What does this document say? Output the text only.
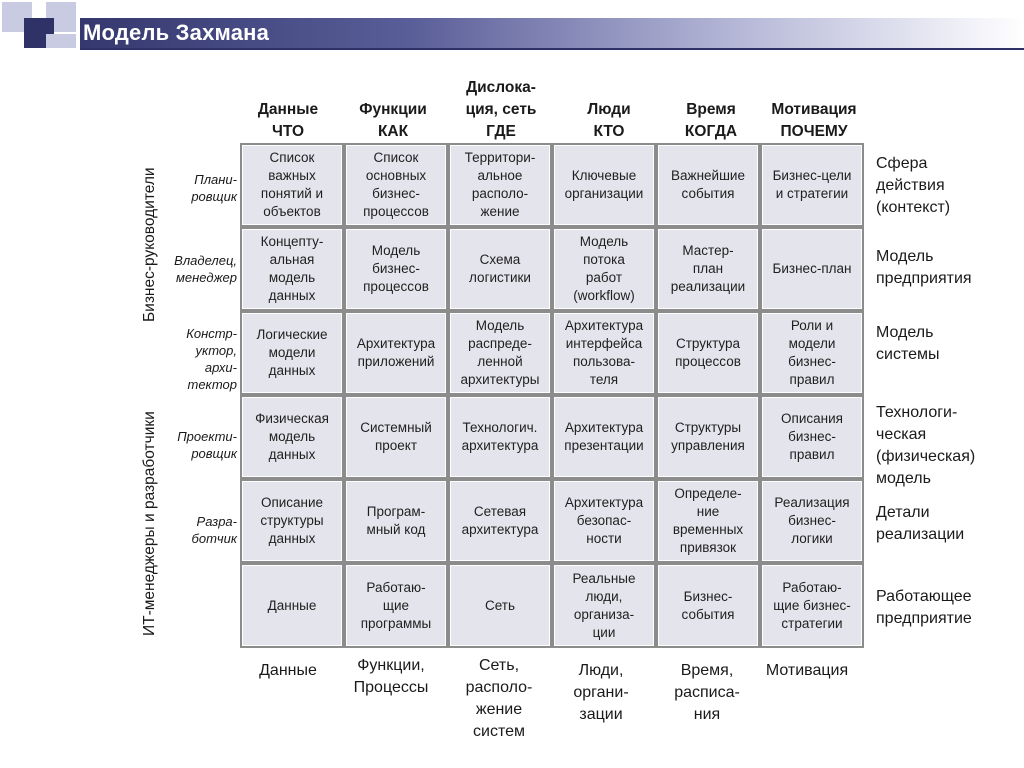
Модель Захмана
Данные
ЧТО
Функции
КАК
Дислока-
ция, сеть
ГДЕ
Люди
КТО
Время
КОГДА
Мотивация
ПОЧЕМУ
Бизнес-руководители
ИТ-менеджеры и разработчики
Плани-
ровщик
Владелец,
менеджер
Констр-
уктор,
архи-
тектор
Проекти-
ровщик
Разра-
ботчик
Список
важных
понятий и
объектов
Список
основных
бизнес-
процессов
Территори-
альное
располо-
жение
Ключевые
организации
Важнейшие
события
Бизнес-цели
и стратегии
Концепту-
альная
модель
данных
Модель
бизнес-
процессов
Схема
логистики
Модель
потока
работ
(workflow)
Мастер-
план
реализации
Бизнес-план
Логические
модели
данных
Архитектура
приложений
Модель
распреде-
ленной
архитектуры
Архитектура
интерфейса
пользова-
теля
Структура
процессов
Роли и
модели
бизнес-
правил
Физическая
модель
данных
Системный
проект
Технологич.
архитектура
Архитектура
презентации
Структуры
управления
Описания
бизнес-
правил
Описание
структуры
данных
Програм-
мный код
Сетевая
архитектура
Архитектура
безопас-
ности
Определе-
ние
временных
привязок
Реализация
бизнес-
логики
Данные
Работаю-
щие
программы
Сеть
Реальные
люди,
организа-
ции
Бизнес-
события
Работаю-
щие бизнес-
стратегии
Сфера
действия
(контекст)
Модель
предприятия
Модель
системы
Технологи-
ческая
(физическая)
модель
Детали
реализации
Работающее
предприятие
Данные	Функции,
Процессы
Сеть,
располо-
жение
систем
Люди,
органи-
зации
Время,
расписа-
ния
Мотивация
